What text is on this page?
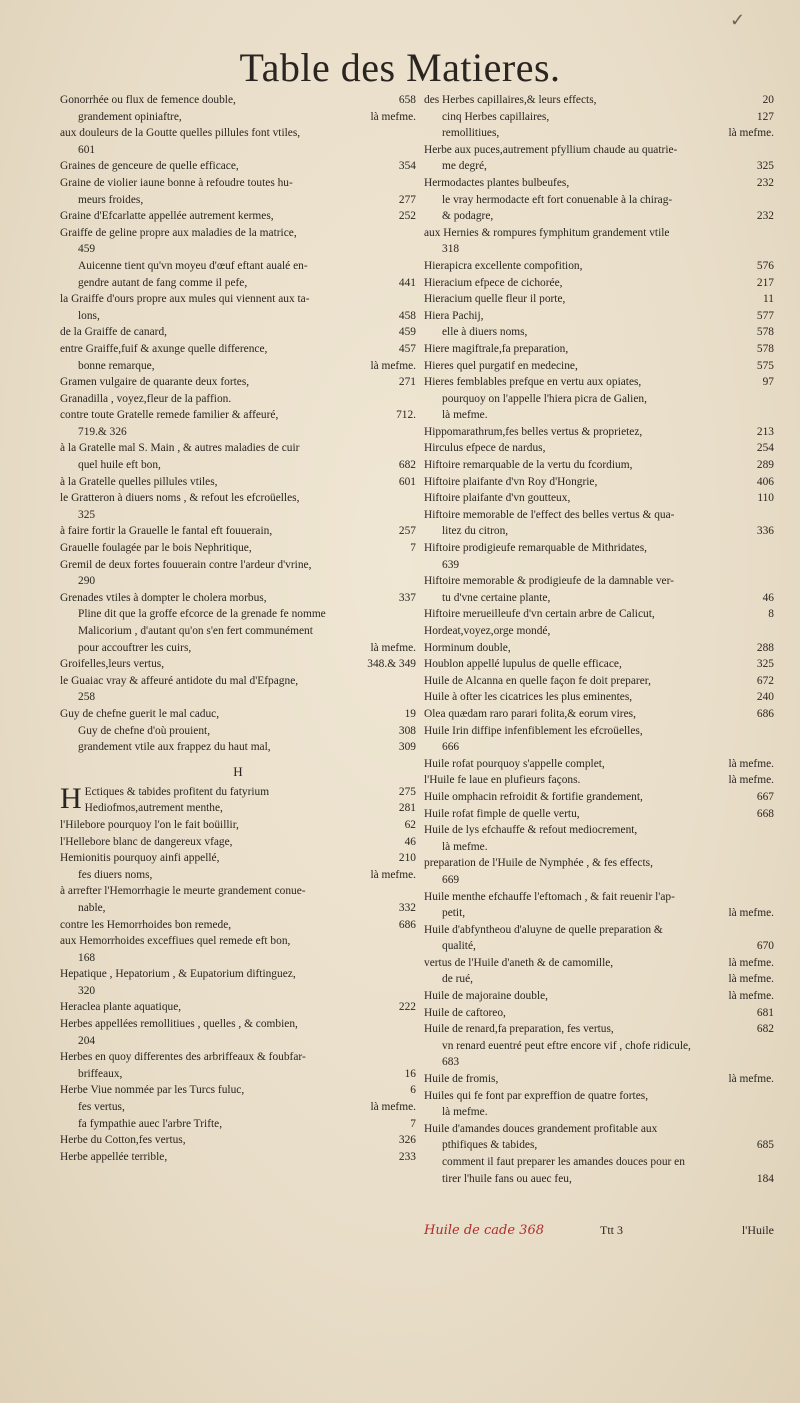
✓
Table des Matieres.
Gonorrhée ou flux de femence double,	658
grandement opiniaftre,	là mefme.
aux douleurs de la Goutte quelles pillules font vtiles,
601
Graines de genceure de quelle efficace,	354
Graine de violier iaune bonne à refoudre toutes hu-
meurs froides,	277
Graine d'Efcarlatte appellée autrement kermes,	252
Graiffe de geline propre aux maladies de la matrice,
459
Auicenne tient qu'vn moyeu d'œuf eftant aualé en-
gendre autant de fang comme il pefe,	441
la Graiffe d'ours propre aux mules qui viennent aux ta-
lons,	458
de la Graiffe de canard,	459
entre Graiffe,fuif & axunge quelle difference,	457
bonne remarque,	là mefme.
Gramen vulgaire de quarante deux fortes,	271
Granadilla , voyez,fleur de la paffion.
contre toute Gratelle remede familier & affeuré,	712.
719.& 326
à la Gratelle mal S. Main , & autres maladies de cuir
quel huile eft bon,	682
à la Gratelle quelles pillules vtiles,	601
le Gratteron à diuers noms , & refout les efcroüelles,
325
à faire fortir la Grauelle le fantal eft fouuerain,	257
Grauelle foulagée par le bois Nephritique,	7
Gremil de deux fortes fouuerain contre l'ardeur d'vrine,
290
Grenades vtiles à dompter le cholera morbus,	337
Pline dit que la groffe efcorce de la grenade fe nomme
Malicorium , d'autant qu'on s'en fert communément
pour accouftrer les cuirs,	là mefme.
Groifelles,leurs vertus,	348.& 349
le Guaiac vray & affeuré antidote du mal d'Efpagne,
258
Guy de chefne guerit le mal caduc,	19
Guy de chefne d'où prouient,	308
grandement vtile aux frappez du haut mal,	309
H
H Ectiques & tabides profitent du fatyrium	275
Hediofmos,autrement menthe,	281
l'Hilebore pourquoy l'on le fait boüillir,	62
l'Hellebore blanc de dangereux vfage,	46
Hemionitis pourquoy ainfi appellé,	210
fes diuers noms,	là mefme.
à arrefter l'Hemorrhagie le meurte grandement conue-
nable,	332
contre les Hemorrhoides bon remede,	686
aux Hemorrhoides exceffiues quel remede eft bon,
168
Hepatique , Hepatorium , & Eupatorium diftinguez,
320
Heraclea plante aquatique,	222
Herbes appellées remollitiues , quelles , & combien,
204
Herbes en quoy differentes des arbriffeaux & foubfar-
briffeaux,	16
Herbe Viue nommée par les Turcs fuluc,	6
fes vertus,	là mefme.
fa fympathie auec l'arbre Trifte,	7
Herbe du Cotton,fes vertus,	326
Herbe appellée terrible,	233
des Herbes capillaires,& leurs effects,	20
cinq Herbes capillaires,	127
remollitiues,	là mefme.
Herbe aux puces,autrement pfyllium chaude au quatrie-
me degré,	325
Hermodactes plantes bulbeufes,	232
le vray hermodacte eft fort conuenable à la chirag-
& podagre,	232
aux Hernies & rompures fymphitum grandement vtile
318
Hierapicra excellente compofition,	576
Hieracium efpece de cichorée,	217
Hieracium quelle fleur il porte,	11
Hiera Pachij,	577
elle à diuers noms,	578
Hiere magiftrale,fa preparation,	578
Hieres quel purgatif en medecine,	575
Hieres femblables prefque en vertu aux opiates,	97
pourquoy on l'appelle l'hiera picra de Galien,
là mefme.
Hippomarathrum,fes belles vertus & proprietez,	213
Hirculus efpece de nardus,	254
Hiftoire remarquable de la vertu du fcordium,	289
Hiftoire plaifante d'vn Roy d'Hongrie,	406
Hiftoire plaifante d'vn goutteux,	110
Hiftoire memorable de l'effect des belles vertus & qua-
litez du citron,	336
Hiftoire prodigieufe remarquable de Mithridates,
639
Hiftoire memorable & prodigieufe de la damnable ver-
tu d'vne certaine plante,	46
Hiftoire merueilleufe d'vn certain arbre de Calicut,	8
Hordeat,voyez,orge mondé,
Horminum double,	288
Houblon appellé lupulus de quelle efficace,	325
Huile de Alcanna en quelle façon fe doit preparer,	672
Huile à ofter les cicatrices les plus eminentes,	240
Olea quædam raro parari folita,& eorum vires,	686
Huile Irin diffipe infenfiblement les efcroüelles,
666
Huile rofat pourquoy s'appelle complet,	là mefme.
l'Huile fe laue en plufieurs façons.	là mefme.
Huile omphacin refroidit & fortifie grandement,	667
Huile rofat fimple de quelle vertu,	668
Huile de lys efchauffe & refout mediocrement,
là mefme.
preparation de l'Huile de Nymphée , & fes effects,
669
Huile menthe efchauffe l'eftomach , & fait reuenir l'ap-
petit,	là mefme.
Huile d'abfyntheou d'aluyne de quelle preparation &
qualité,	670
vertus de l'Huile d'aneth & de camomille,	là mefme.
de rué,	là mefme.
Huile de majoraine double,	là mefme.
Huile de caftoreo,	681
Huile de renard,fa preparation, fes vertus,	682
vn renard euentré peut eftre encore vif , chofe ridicule,
683
Huile de fromis,	là mefme.
Huiles qui fe font par expreffion de quatre fortes,
là mefme.
Huile d'amandes douces grandement profitable aux
pthifiques & tabides,	685
comment il faut preparer les amandes douces pour en
tirer l'huile fans ou auec feu,	184
Huile de cade 368	Ttt 3	l'Huile
